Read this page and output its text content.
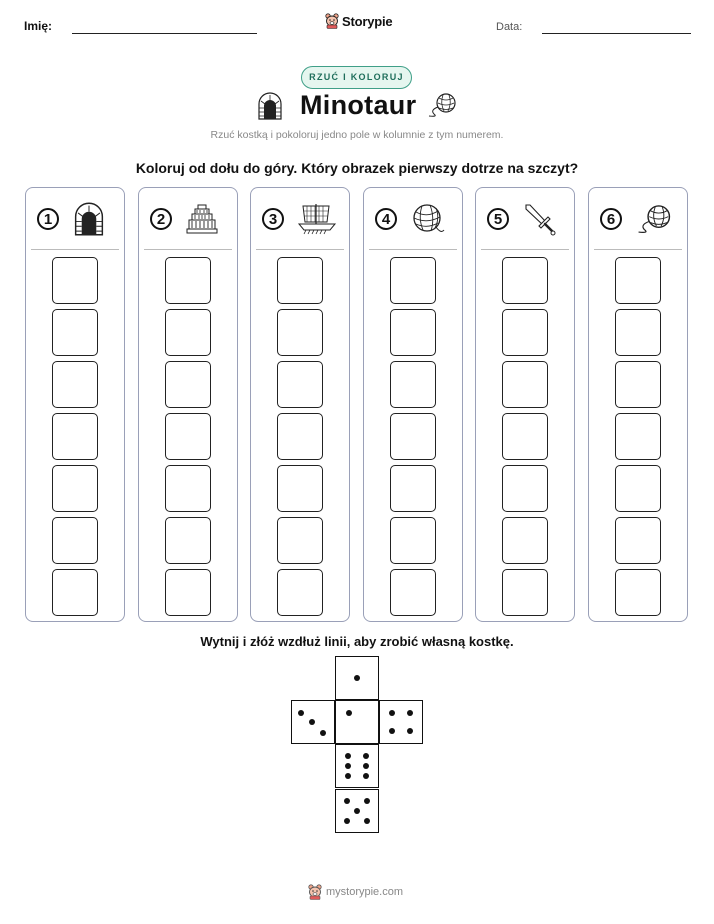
Imię:	Storypie	Data:
RZUĆ I KOLORUJ
Minotaur
Rzuć kostką i pokoloruj jedno pole w kolumnie z tym numerem.
Koloruj od dołu do góry. Który obrazek pierwszy dotrze na szczyt?
1	2	3	4	5	6
Wytnij i złóż wzdłuż linii, aby zrobić własną kostkę.
mystorypie.com
